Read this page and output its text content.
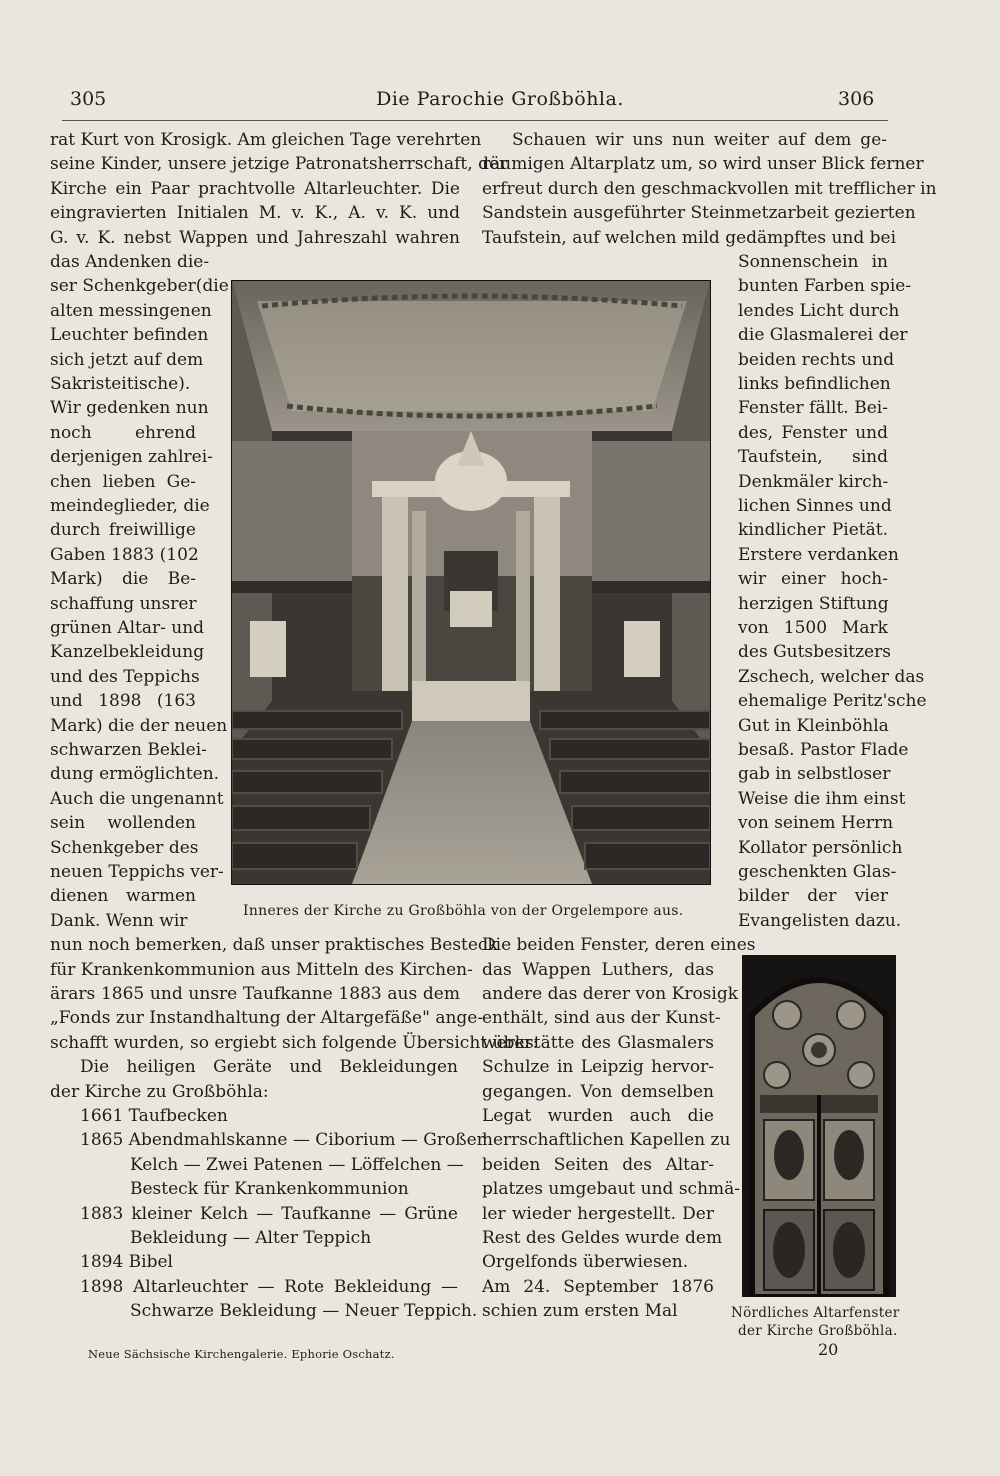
305	Die Parochie Großböhla.	306
rat Kurt von Krosigk. Am gleichen Tage verehrten
seine Kinder, unsere jetzige Patronatsherrschaft, der
Kirche ein Paar prachtvolle Altarleuchter. Die
eingravierten Initialen M. v. K., A. v. K. und
G. v. K. nebst Wappen und Jahreszahl wahren
das Andenken die-
ser Schenkgeber(die
alten messingenen
Leuchter befinden
sich jetzt auf dem
Sakristeitische).
Wir gedenken nun
noch ehrend
derjenigen zahlrei-
chen lieben Ge-
meindeglieder, die
durch freiwillige
Gaben 1883 (102
Mark) die Be-
schaffung unsrer
grünen Altar- und
Kanzelbekleidung
und des Teppichs
und 1898 (163
Mark) die der neuen
schwarzen Beklei-
dung ermöglichten.
Auch die ungenannt
sein wollenden
Schenkgeber des
neuen Teppichs ver-
dienen warmen
Dank. Wenn wir
nun noch bemerken, daß unser praktisches Besteck
für Krankenkommunion aus Mitteln des Kirchen-
ärars 1865 und unsre Taufkanne 1883 aus dem
„Fonds zur Instandhaltung der Altargefäße" ange-
schafft wurden, so ergiebt sich folgende Übersicht über:
Die heiligen Geräte und Bekleidungen
der Kirche zu Großböhla:
1661 Taufbecken
1865 Abendmahlskanne — Ciborium — Großer
Kelch — Zwei Patenen — Löffelchen —
Besteck für Krankenkommunion
1883 kleiner Kelch — Taufkanne — Grüne
Bekleidung — Alter Teppich
1894 Bibel
1898 Altarleuchter — Rote Bekleidung —
Schwarze Bekleidung — Neuer Teppich.
Schauen wir uns nun weiter auf dem ge-
räumigen Altarplatz um, so wird unser Blick ferner
erfreut durch den geschmackvollen mit trefflicher in
Sandstein ausgeführter Steinmetzarbeit gezierten
Taufstein, auf welchen mild gedämpftes und bei
Sonnenschein in
bunten Farben spie-
lendes Licht durch
die Glasmalerei der
beiden rechts und
links befindlichen
Fenster fällt. Bei-
des, Fenster und
Taufstein, sind
Denkmäler kirch-
lichen Sinnes und
kindlicher Pietät.
Erstere verdanken
wir einer hoch-
herzigen Stiftung
von 1500 Mark
des Gutsbesitzers
Zschech, welcher das
ehemalige Peritz'sche
Gut in Kleinböhla
besaß. Pastor Flade
gab in selbstloser
Weise die ihm einst
von seinem Herrn
Kollator persönlich
geschenkten Glas-
bilder der vier
Evangelisten dazu.
Die beiden Fenster, deren eines
das Wappen Luthers, das
andere das derer von Krosigk
enthält, sind aus der Kunst-
werkstätte des Glasmalers
Schulze in Leipzig hervor-
gegangen. Von demselben
Legat wurden auch die
herrschaftlichen Kapellen zu
beiden Seiten des Altar-
platzes umgebaut und schmä-
ler wieder hergestellt. Der
Rest des Geldes wurde dem
Orgelfonds überwiesen.
Am 24. September 1876
schien zum ersten Mal
Inneres der Kirche zu Großböhla von der Orgelempore aus.
Nördliches Altarfenster
der Kirche Großböhla.
Neue Sächsische Kirchengalerie. Ephorie Oschatz.	20
